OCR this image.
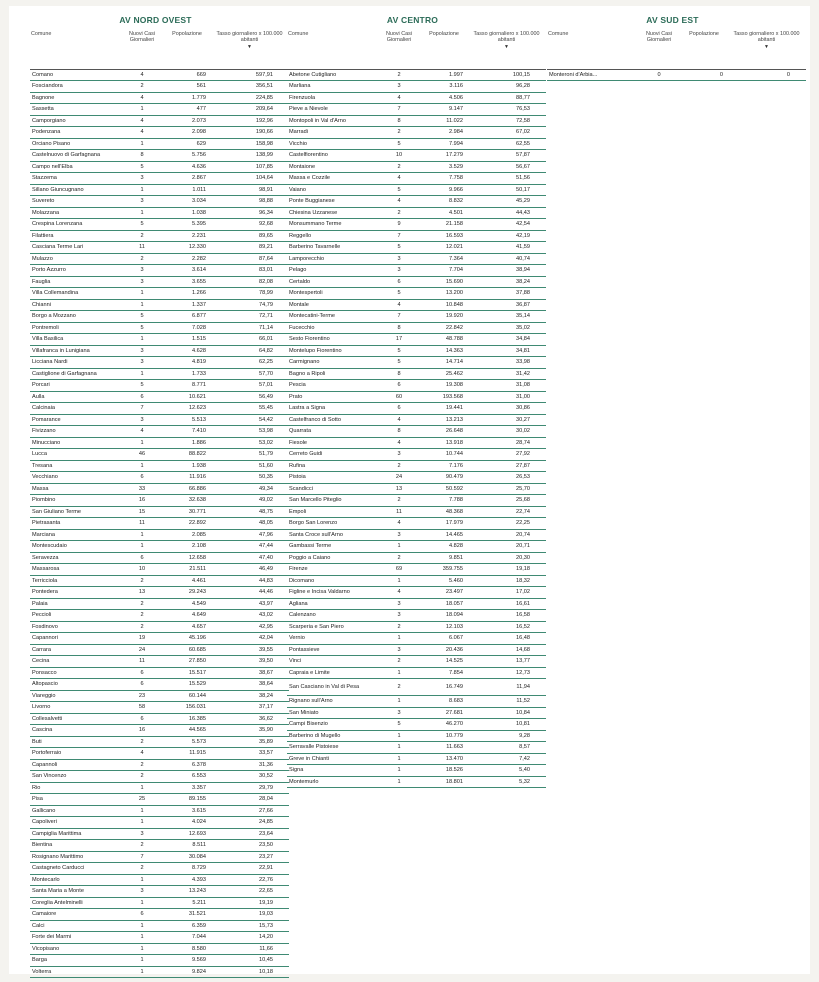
AV NORD OVEST
Comune	Nuovi Casi Giornalieri	Popolazione	Tasso giornaliero x 100.000 abitanti
▼

Comano	4	669	597,91
Fosciandora	2	561	356,51
Bagnone	4	1.779	224,85
Sassetta	1	477	209,64
Camporgiano	4	2.073	192,96
Podenzana	4	2.098	190,66
Orciano Pisano	1	629	158,98
Castelnuovo di Garfagnana	8	5.756	138,99
Campo nell'Elba	5	4.636	107,85
Stazzema	3	2.867	104,64
Sillano Giuncugnano	1	1.011	98,91
Suvereto	3	3.034	98,88
Molazzana	1	1.038	96,34
Crespina Lorenzana	5	5.395	92,68
Filattiera	2	2.231	89,65
Casciana Terme Lari	11	12.330	89,21
Mulazzo	2	2.282	87,64
Porto Azzurro	3	3.614	83,01
Fauglia	3	3.655	82,08
Villa Collemandina	1	1.266	78,99
Chianni	1	1.337	74,79
Borgo a Mozzano	5	6.877	72,71
Pontremoli	5	7.028	71,14
Villa Basilica	1	1.515	66,01
Villafranca in Lunigiana	3	4.628	64,82
Licciana Nardi	3	4.819	62,25
Castiglione di Garfagnana	1	1.733	57,70
Porcari	5	8.771	57,01
Aulla	6	10.621	56,49
Calcinaia	7	12.623	55,45
Pomarance	3	5.513	54,42
Fivizzano	4	7.410	53,98
Minucciano	1	1.886	53,02
Lucca	46	88.822	51,79
Tresana	1	1.938	51,60
Vecchiano	6	11.916	50,35
Massa	33	66.886	49,34
Piombino	16	32.638	49,02
San Giuliano Terme	15	30.771	48,75
Pietrasanta	11	22.892	48,05
Marciana	1	2.085	47,96
Montescudaio	1	2.108	47,44
Seravezza	6	12.658	47,40
Massarosa	10	21.511	46,49
Terricciola	2	4.461	44,83
Pontedera	13	29.243	44,46
Palaia	2	4.549	43,97
Peccioli	2	4.649	43,02
Fosdinovo	2	4.657	42,95
Capannori	19	45.196	42,04
Carrara	24	60.685	39,55
Cecina	11	27.850	39,50
Ponsacco	6	15.517	38,67
Altopascio	6	15.529	38,64
Viareggio	23	60.144	38,24
Livorno	58	156.031	37,17
Collesalvetti	6	16.385	36,62
Cascina	16	44.565	35,90
Buti	2	5.573	35,89
Portoferraio	4	11.915	33,57
Capannoli	2	6.378	31,36
San Vincenzo	2	6.553	30,52
Rio	1	3.357	29,79
Pisa	25	89.155	28,04
Gallicano	1	3.615	27,66
Capoliveri	1	4.024	24,85
Campiglia Marittima	3	12.693	23,64
Bientina	2	8.511	23,50
Rosignano Marittimo	7	30.084	23,27
Castagneto Carducci	2	8.729	22,91
Montecarlo	1	4.393	22,76
Santa Maria a Monte	3	13.243	22,65
Coreglia Antelminelli	1	5.211	19,19
Camaiore	6	31.521	19,03
Calci	1	6.359	15,73
Forte dei Marmi	1	7.044	14,20
Vicopisano	1	8.580	11,66
Barga	1	9.569	10,45
Volterra	1	9.824	10,18
AV CENTRO
Comune	Nuovi Casi Giornalieri	Popolazione	Tasso giornaliero x 100.000 abitanti
▼

Abetone Cutigliano	2	1.997	100,15
Marliana	3	3.116	96,28
Firenzuola	4	4.506	88,77
Pieve a Nievole	7	9.147	76,53
Montopoli in Val d'Arno	8	11.022	72,58
Marradi	2	2.984	67,02
Vicchio	5	7.994	62,55
Castelfiorentino	10	17.279	57,87
Montaione	2	3.529	56,67
Massa e Cozzile	4	7.758	51,56
Vaiano	5	9.966	50,17
Ponte Buggianese	4	8.832	45,29
Chiesina Uzzanese	2	4.501	44,43
Monsummano Terme	9	21.158	42,54
Reggello	7	16.593	42,19
Barberino Tavarnelle	5	12.021	41,59
Lamporecchio	3	7.364	40,74
Pelago	3	7.704	38,94
Certaldo	6	15.690	38,24
Montespertoli	5	13.200	37,88
Montale	4	10.848	36,87
Montecatini-Terme	7	19.920	35,14
Fucecchio	8	22.842	35,02
Sesto Fiorentino	17	48.788	34,84
Montelupo Fiorentino	5	14.363	34,81
Carmignano	5	14.714	33,98
Bagno a Ripoli	8	25.462	31,42
Pescia	6	19.308	31,08
Prato	60	193.568	31,00
Lastra a Signa	6	19.441	30,86
Castelfranco di Sotto	4	13.213	30,27
Quarrata	8	26.648	30,02
Fiesole	4	13.918	28,74
Cerreto Guidi	3	10.744	27,92
Rufina	2	7.176	27,87
Pistoia	24	90.479	26,53
Scandicci	13	50.592	25,70
San Marcello Piteglio	2	7.788	25,68
Empoli	11	48.368	22,74
Borgo San Lorenzo	4	17.979	22,25
Santa Croce sull'Arno	3	14.465	20,74
Gambassi Terme	1	4.828	20,71
Poggio a Caiano	2	9.851	20,30
Firenze	69	359.755	19,18
Dicomano	1	5.460	18,32
Figline e Incisa Valdarno	4	23.497	17,02
Agliana	3	18.057	16,61
Calenzano	3	18.094	16,58
Scarperia e San Piero	2	12.103	16,52
Vernio	1	6.067	16,48
Pontassieve	3	20.436	14,68
Vinci	2	14.525	13,77
Capraia e Limite	1	7.854	12,73
San Casciano in Val di Pesa	2	16.749	11,94
Rignano sull'Arno	1	8.683	11,52
San Miniato	3	27.681	10,84
Campi Bisenzio	5	46.270	10,81
Barberino di Mugello	1	10.779	9,28
Serravalle Pistoiese	1	11.663	8,57
Greve in Chianti	1	13.470	7,42
Signa	1	18.526	5,40
Montemurlo	1	18.801	5,32
AV SUD EST
Comune	Nuovi Casi Giornalieri	Popolazione	Tasso giornaliero x 100.000 abitanti
▼

Monteroni d'Arbia...	0	0	0
